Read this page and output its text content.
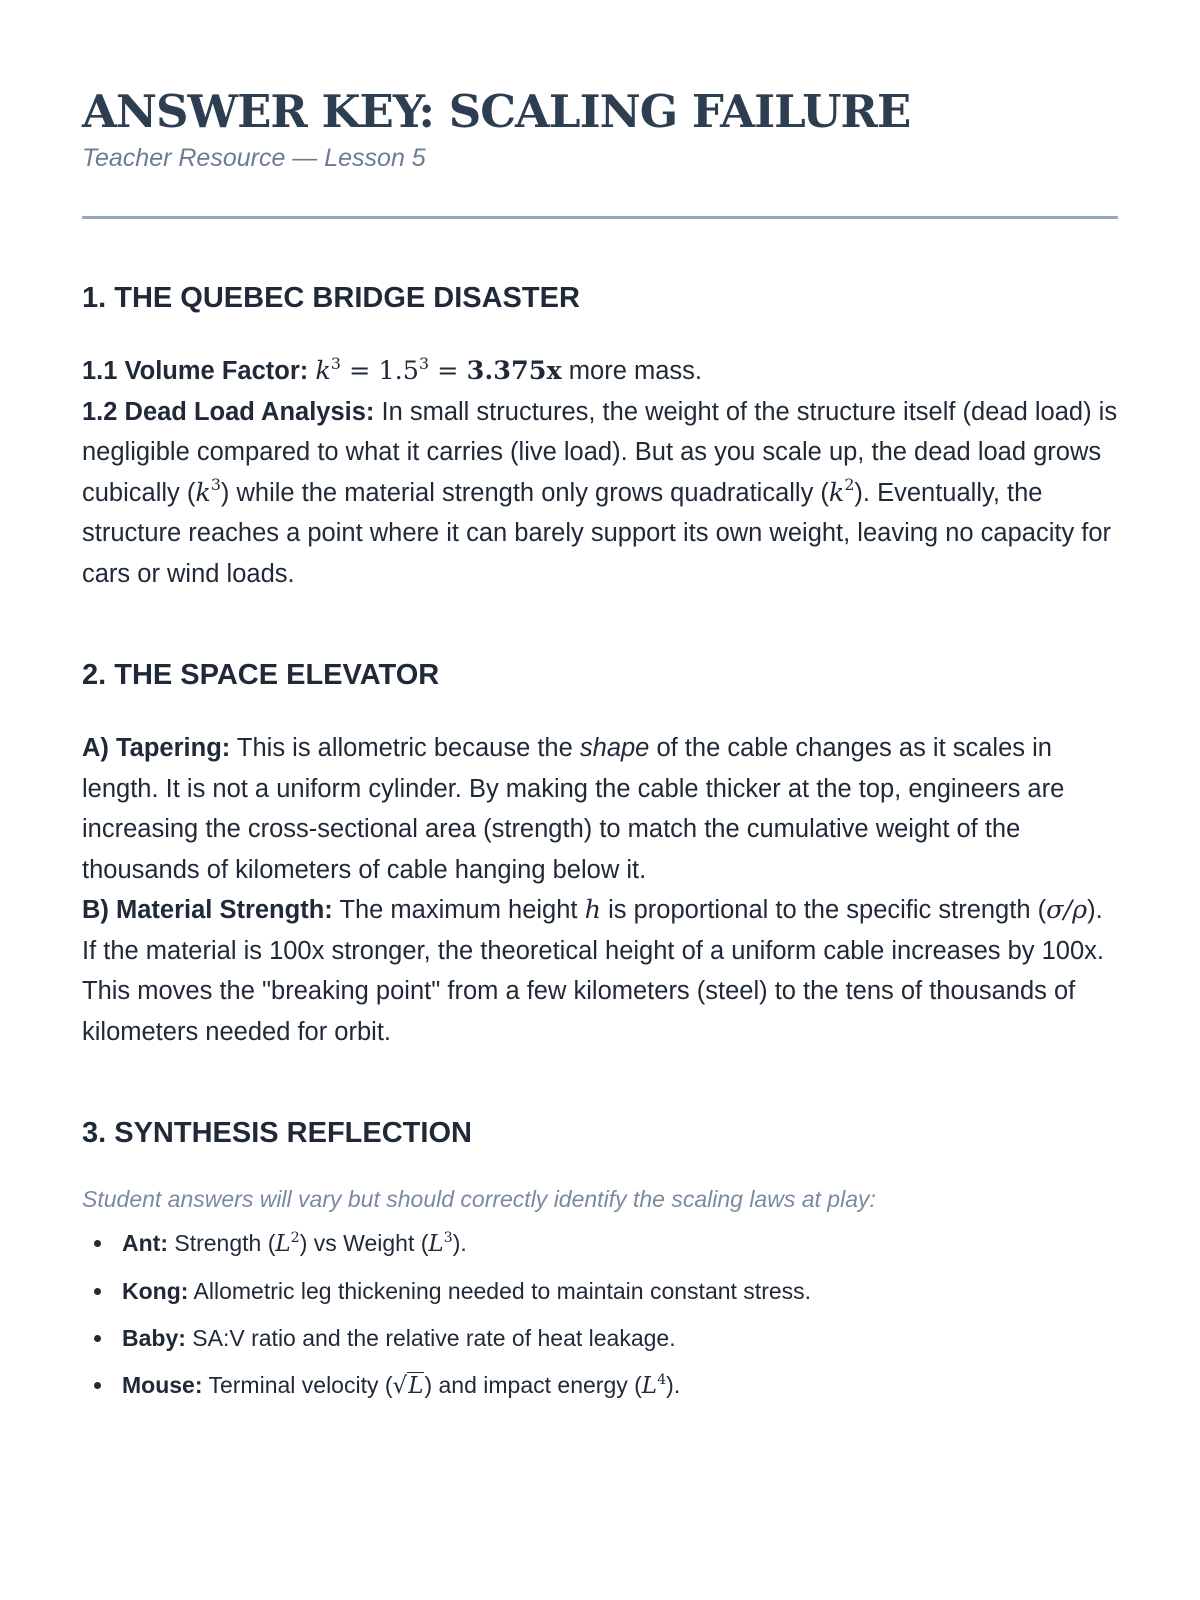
ANSWER KEY: SCALING FAILURE
Teacher Resource — Lesson 5
1. THE QUEBEC BRIDGE DISASTER

1.1 Volume Factor: $k^3 = 1.5^3 = 3.375x$ more mass.

1.2 Dead Load Analysis: In small structures, the weight of the structure itself (dead load) is negligible compared to what it carries (live load). But as you scale up, the dead load grows cubically $(k^3)$ while the material strength only grows quadratically $(k^2)$. Eventually, the structure reaches a point where it can barely support its own weight, leaving no capacity for cars or wind loads.

2. THE SPACE ELEVATOR

A) Tapering: This is allometric because the shape of the cable changes as it scales in length. It is not a uniform cylinder. By making the cable thicker at the top, engineers are increasing the cross-sectional area (strength) to match the cumulative weight of the thousands of kilometers of cable hanging below it.

B) Material Strength: The maximum height h is proportional to the specific strength (σ/ρ). If the material is 100x stronger, the theoretical height of a uniform cable increases by 100x. This moves the "breaking point" from a few kilometers (steel) to the tens of thousands of kilometers needed for orbit.

3. SYNTHESIS REFLECTION
Student answers will vary but should correctly identify the scaling laws at play:
Ant: Strength $(L^2)$ vs Weight $(L^3)$.
Kong: Allometric leg thickening needed to maintain constant stress.
Baby: SA:V ratio and the relative rate of heat leakage.
Mouse: Terminal velocity (√L) and impact energy $(L^4)$.
